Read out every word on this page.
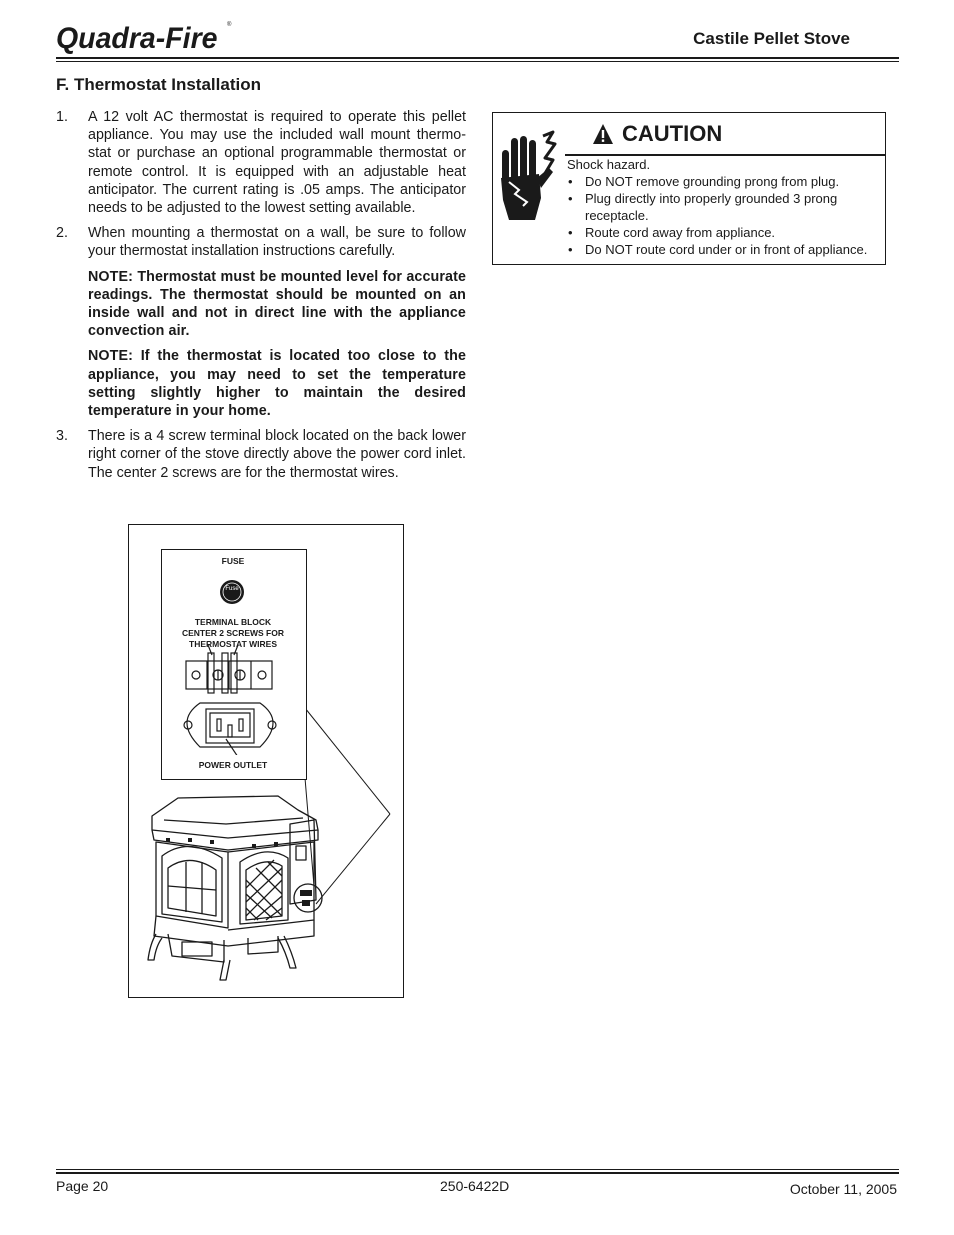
Quadra-Fire ®
Castile Pellet Stove
F. Thermostat Installation
1. A 12 volt AC thermostat is required to operate this pellet appliance. You may use the included wall mount thermo-stat or purchase an optional programmable thermostat or remote control. It is equipped with an adjustable heat anticipator. The current rating is .05 amps. The anticipator needs to be adjusted to the lowest setting available.
2. When mounting a thermostat on a wall, be sure to follow your thermostat installation instructions carefully.
NOTE: Thermostat must be mounted level for accurate readings. The thermostat should be mounted on an inside wall and not in direct line with the appliance convection air.
NOTE: If the thermostat is located too close to the appliance, you may need to set the temperature setting slightly higher to maintain the desired temperature in your home.
3. There is a 4 screw terminal block located on the back lower right corner of the stove directly above the power cord inlet. The center 2 screws are for the thermostat wires.
CAUTION
Shock hazard.
• Do NOT remove grounding prong from plug.
• Plug directly into properly grounded 3 prong receptacle.
• Route cord away from appliance.
• Do NOT route cord under or in front of appliance.
FUSE
Fuse
TERMINAL BLOCK
CENTER 2 SCREWS FOR
THERMOSTAT WIRES
POWER OUTLET
Page 20	250-6422D	October 11, 2005
